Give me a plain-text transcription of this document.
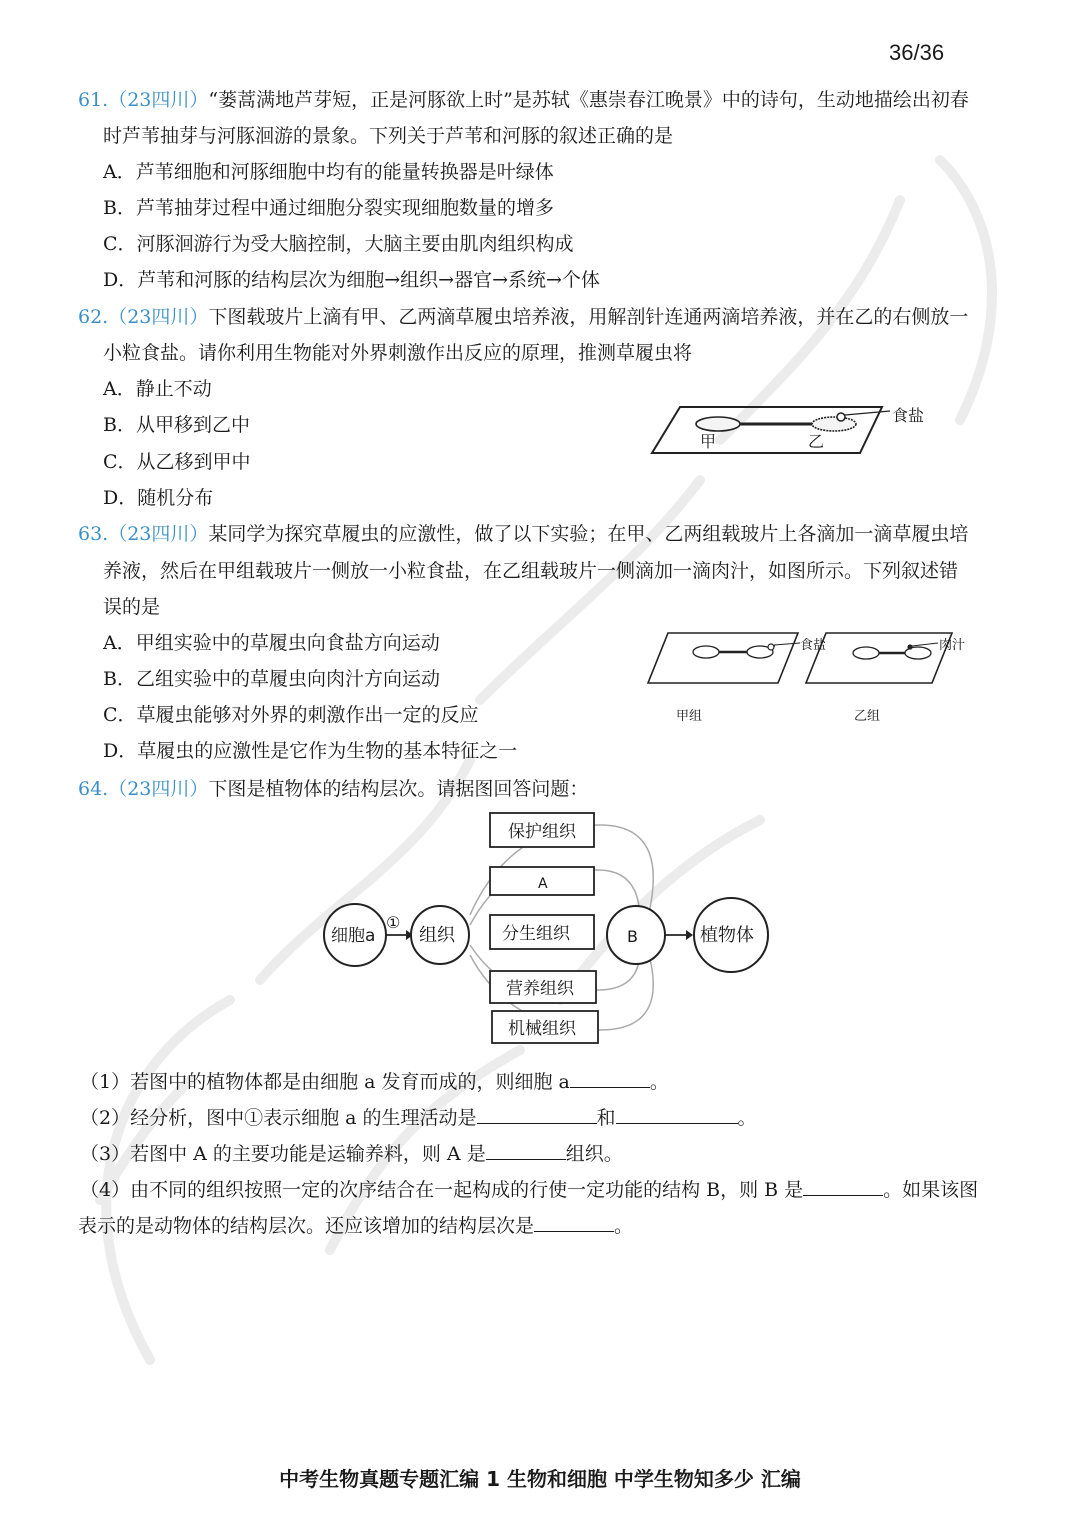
36/36
61.（23四川）“蒌蒿满地芦芽短，正是河豚欲上时”是苏轼《惠崇春江晚景》中的诗句，生动地描绘出初春
时芦苇抽芽与河豚洄游的景象。下列关于芦苇和河豚的叙述正确的是
A．芦苇细胞和河豚细胞中均有的能量转换器是叶绿体
B．芦苇抽芽过程中通过细胞分裂实现细胞数量的增多
C．河豚洄游行为受大脑控制，大脑主要由肌肉组织构成
D．芦苇和河豚的结构层次为细胞→组织→器官→系统→个体
62.（23四川）下图载玻片上滴有甲、乙两滴草履虫培养液，用解剖针连通两滴培养液，并在乙的右侧放一
小粒食盐。请你利用生物能对外界刺激作出反应的原理，推测草履虫将
A．静止不动
B．从甲移到乙中
C．从乙移到甲中
D．随机分布
食盐
甲	乙
63.（23四川）某同学为探究草履虫的应激性，做了以下实验；在甲、乙两组载玻片上各滴加一滴草履虫培
养液，然后在甲组载玻片一侧放一小粒食盐，在乙组载玻片一侧滴加一滴肉汁，如图所示。下列叙述错
误的是
A．甲组实验中的草履虫向食盐方向运动
B．乙组实验中的草履虫向肉汁方向运动
C．草履虫能够对外界的刺激作出一定的反应
D．草履虫的应激性是它作为生物的基本特征之一
食盐
甲组
肉汁
乙组
64.（23四川）下图是植物体的结构层次。请据图回答问题：
细胞a
①
组织
保护组织
A
分生组织
营养组织
机械组织
B	植物体
（1）若图中的植物体都是由细胞 a 发育而成的，则细胞 a	。
（2）经分析，图中①表示细胞 a 的生理活动是	和	。
（3）若图中 A 的主要功能是运输养料，则 A 是	组织。
（4）由不同的组织按照一定的次序结合在一起构成的行使一定功能的结构 B，则 B 是	。如果该图
表示的是动物体的结构层次。还应该增加的结构层次是	。
中考生物真题专题汇编 1 生物和细胞 中学生物知多少 汇编
